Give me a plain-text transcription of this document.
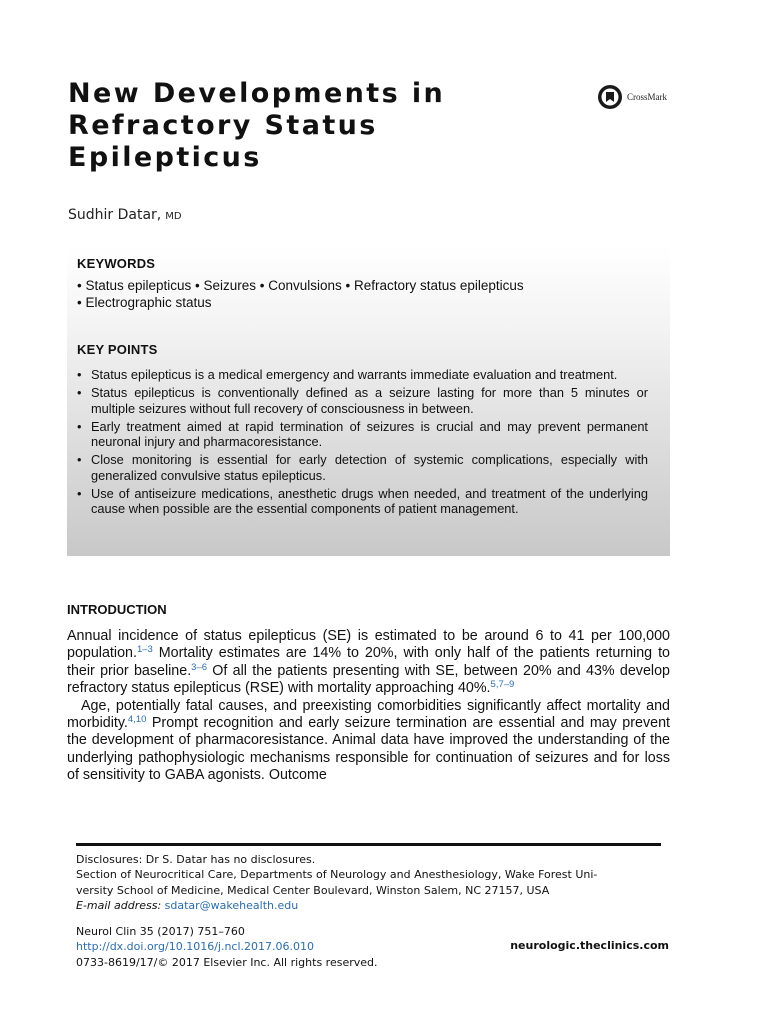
New Developments in
Refractory Status
Epilepticus
CrossMark
Sudhir Datar, MD
KEYWORDS
• Status epilepticus • Seizures • Convulsions • Refractory status epilepticus
• Electrographic status
KEY POINTS
• Status epilepticus is a medical emergency and warrants immediate evaluation and treatment.
• Status epilepticus is conventionally defined as a seizure lasting for more than 5 minutes or multiple seizures without full recovery of consciousness in between.
• Early treatment aimed at rapid termination of seizures is crucial and may prevent permanent neuronal injury and pharmacoresistance.
• Close monitoring is essential for early detection of systemic complications, especially with generalized convulsive status epilepticus.
• Use of antiseizure medications, anesthetic drugs when needed, and treatment of the underlying cause when possible are the essential components of patient management.
INTRODUCTION

Annual incidence of status epilepticus (SE) is estimated to be around 6 to 41 per 100,000 population.$^{1-3}$ Mortality estimates are 14% to 20%, with only half of the patients returning to their prior baseline.$^{3-6}$ Of all the patients presenting with SE, between 20% and 43% develop refractory status epilepticus (RSE) with mortality approaching 40%.$^{5,7-9}$

Age, potentially fatal causes, and preexisting comorbidities significantly affect mortality and morbidity.$^{4,10}$ Prompt recognition and early seizure termination are essential and may prevent the development of pharmacoresistance. Animal data have improved the understanding of the underlying pathophysiologic mechanisms responsible for continuation of seizures and for loss of sensitivity to GABA agonists. Outcome

Disclosures: Dr S. Datar has no disclosures.
Section of Neurocritical Care, Departments of Neurology and Anesthesiology, Wake Forest Uni-
versity School of Medicine, Medical Center Boulevard, Winston Salem, NC 27157, USA
E-mail address: sdatar@wakehealth.edu
Neurol Clin 35 (2017) 751–760
http://dx.doi.org/10.1016/j.ncl.2017.06.010
0733-8619/17/© 2017 Elsevier Inc. All rights reserved.
neurologic.theclinics.com
